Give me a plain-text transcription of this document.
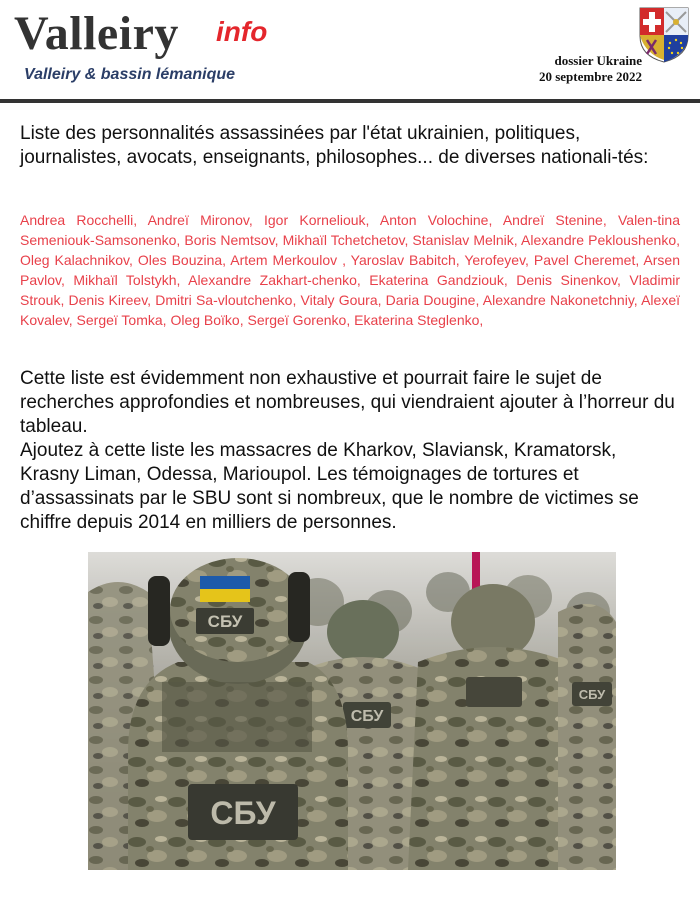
Valleiry info
Valleiry & bassin lémanique
dossier Ukraine
20 septembre 2022

Liste des personnalités assassinées par l'état ukrainien, politiques, journalistes, avocats, enseignants, philosophes... de diverses nationali-tés:

Andrea Rocchelli, Andreï Mironov, Igor Korneliouk, Anton Volochine, Andreï Stenine, Valen-tina Semeniouk-Samsonenko, Boris Nemtsov, Mikhaïl Tchetchetov, Stanislav Melnik, Alexandre Pekloushenko, Oleg Kalachnikov, Oles Bouzina, Artem Merkoulov , Yaroslav Babitch, Yerofeyev, Pavel Cheremet, Arsen Pavlov, Mikhaïl Tolstykh, Alexandre Zakhart-chenko, Ekaterina Gandziouk, Denis Sinenkov, Vladimir Strouk, Denis Kireev, Dmitri Sa-vloutchenko, Vitaly Goura, Daria Dougine, Alexandre Nakonetchniy, Alexeï Kovalev, Sergeï Tomka, Oleg Boïko, Sergeï Gorenko, Ekaterina Steglenko,

Cette liste est évidemment non exhaustive et pourrait faire le sujet de recherches approfondies et nombreuses, qui viendraient ajouter à l’horreur du tableau.

Ajoutez à cette liste les massacres de Kharkov, Slaviansk, Kramatorsk, Krasny Liman, Odessa, Marioupol. Les témoignages de tortures et d’assassinats par le SBU sont si nombreux, que le nombre de victimes se chiffre depuis 2014 en milliers de personnes.

СБУ
СБУ
СБУ
СБУ
